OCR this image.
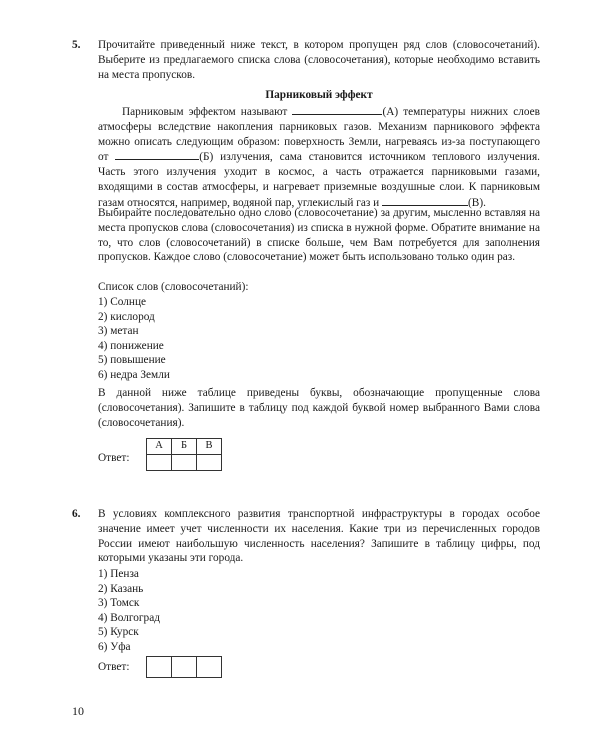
5. Прочитайте приведенный ниже текст, в котором пропущен ряд слов (словосочетаний). Выберите из предлагаемого списка слова (словосочетания), которые необходимо вставить на места пропусков.
Парниковый эффект

Парниковым эффектом называют	(А) температуры нижних слоев атмосферы вследствие накопления парниковых газов. Механизм парникового эффекта можно описать следующим образом: поверхность Земли, нагреваясь из-за поступающего от	(Б) излучения, сама становится источником теплового излучения. Часть этого излучения уходит в космос, а часть отражается парниковыми газами, входящими в состав атмосферы, и нагревает приземные воздушные слои. К парниковым газам относятся, например, водяной пар, углекислый газ и	(В).

Выбирайте последовательно одно слово (словосочетание) за другим, мысленно вставляя на места пропусков слова (словосочетания) из списка в нужной форме. Обратите внимание на то, что слов (словосочетаний) в списке больше, чем Вам потребуется для заполнения пропусков. Каждое слово (словосочетание) может быть использовано только один раз.
Список слов (словосочетаний):
1) Солнце
2) кислород
3) метан
4) понижение
5) повышение
6) недра Земли
В данной ниже таблице приведены буквы, обозначающие пропущенные слова (словосочетания). Запишите в таблицу под каждой буквой номер выбранного Вами слова (словосочетания).
Ответ:
А	Б	В

6. В условиях комплексного развития транспортной инфраструктуры в городах особое значение имеет учет численности их населения. Какие три из перечисленных городов России имеют наибольшую численность населения? Запишите в таблицу цифры, под которыми указаны эти города.
1) Пенза
2) Казань
3) Томск
4) Волгоград
5) Курск
6) Уфа
Ответ:

10
